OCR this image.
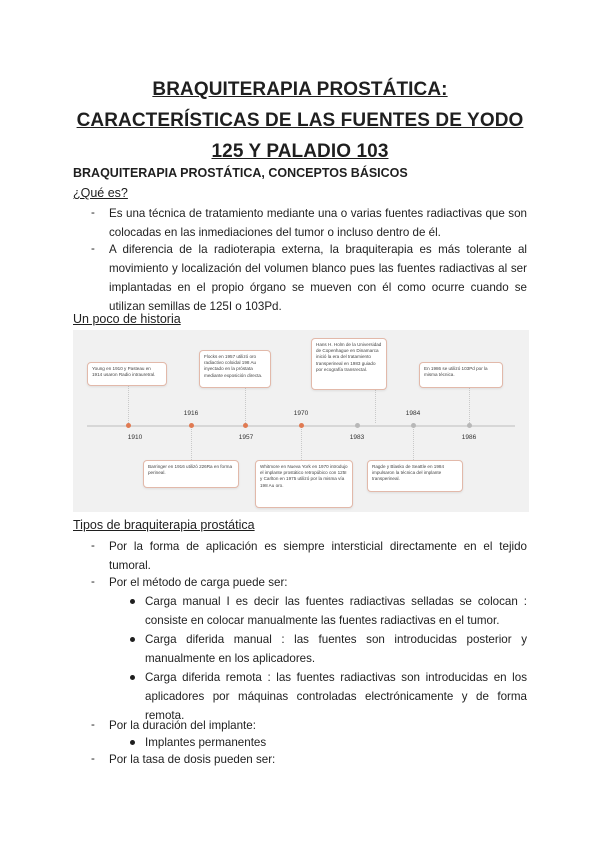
BRAQUITERAPIA PROSTÁTICA:
CARACTERÍSTICAS DE LAS FUENTES DE YODO
125 Y PALADIO 103
BRAQUITERAPIA PROSTÁTICA, CONCEPTOS BÁSICOS
¿Qué es?
- Es una técnica de tratamiento mediante una o varias fuentes radiactivas que son
colocadas en las inmediaciones del tumor o incluso dentro de él.
- A diferencia de la radioterapia externa, la braquiterapia es más tolerante al
movimiento y localización del volumen blanco pues las fuentes radiactivas al ser
implantadas en el propio órgano se mueven con él como ocurre cuando se
utilizan semillas de 125I o 103Pd.
Un poco de historia
1910
1916
1957
1970
1983
1984
1986
Young en 1910 y Pasteau en 1914 usaron Radio intrauretral.
Flocks en 1957 utilizó oro radiactivo coloidal 198 Au inyectado en la próstata mediante exposición directa.
Hans H. Holm de la Universidad de Copenhague en Dinamarca inició la era del tratamiento transperineal en 1983 guiado por ecografía transrectal.	En 1986 se utilizó 103Pd por la misma técnica.
Barringer en 1916 utilizó 226Ra en forma perineal.
Whitmore en Nueva York en 1970 introdujo el implante prostático retropúbico con 125I y Carlton en 1975 utilizó por la misma vía 198 Au oro.
Ragde y Blasko de Seattle en 1984 impulsaron la técnica del implante transperineal.
Tipos de braquiterapia prostática
- Por la forma de aplicación es siempre intersticial directamente en el tejido
tumoral.
- Por el método de carga puede ser:
Carga manual I es decir las fuentes radiactivas selladas se colocan :
consiste en colocar manualmente las fuentes radiactivas en el tumor.
Carga diferida manual : las fuentes son introducidas posterior y
manualmente en los aplicadores.
Carga diferida remota : las fuentes radiactivas son introducidas en los
aplicadores por máquinas controladas electrónicamente y de forma
remota.
- Por la duración del implante:
Implantes permanentes
- Por la tasa de dosis pueden ser:
